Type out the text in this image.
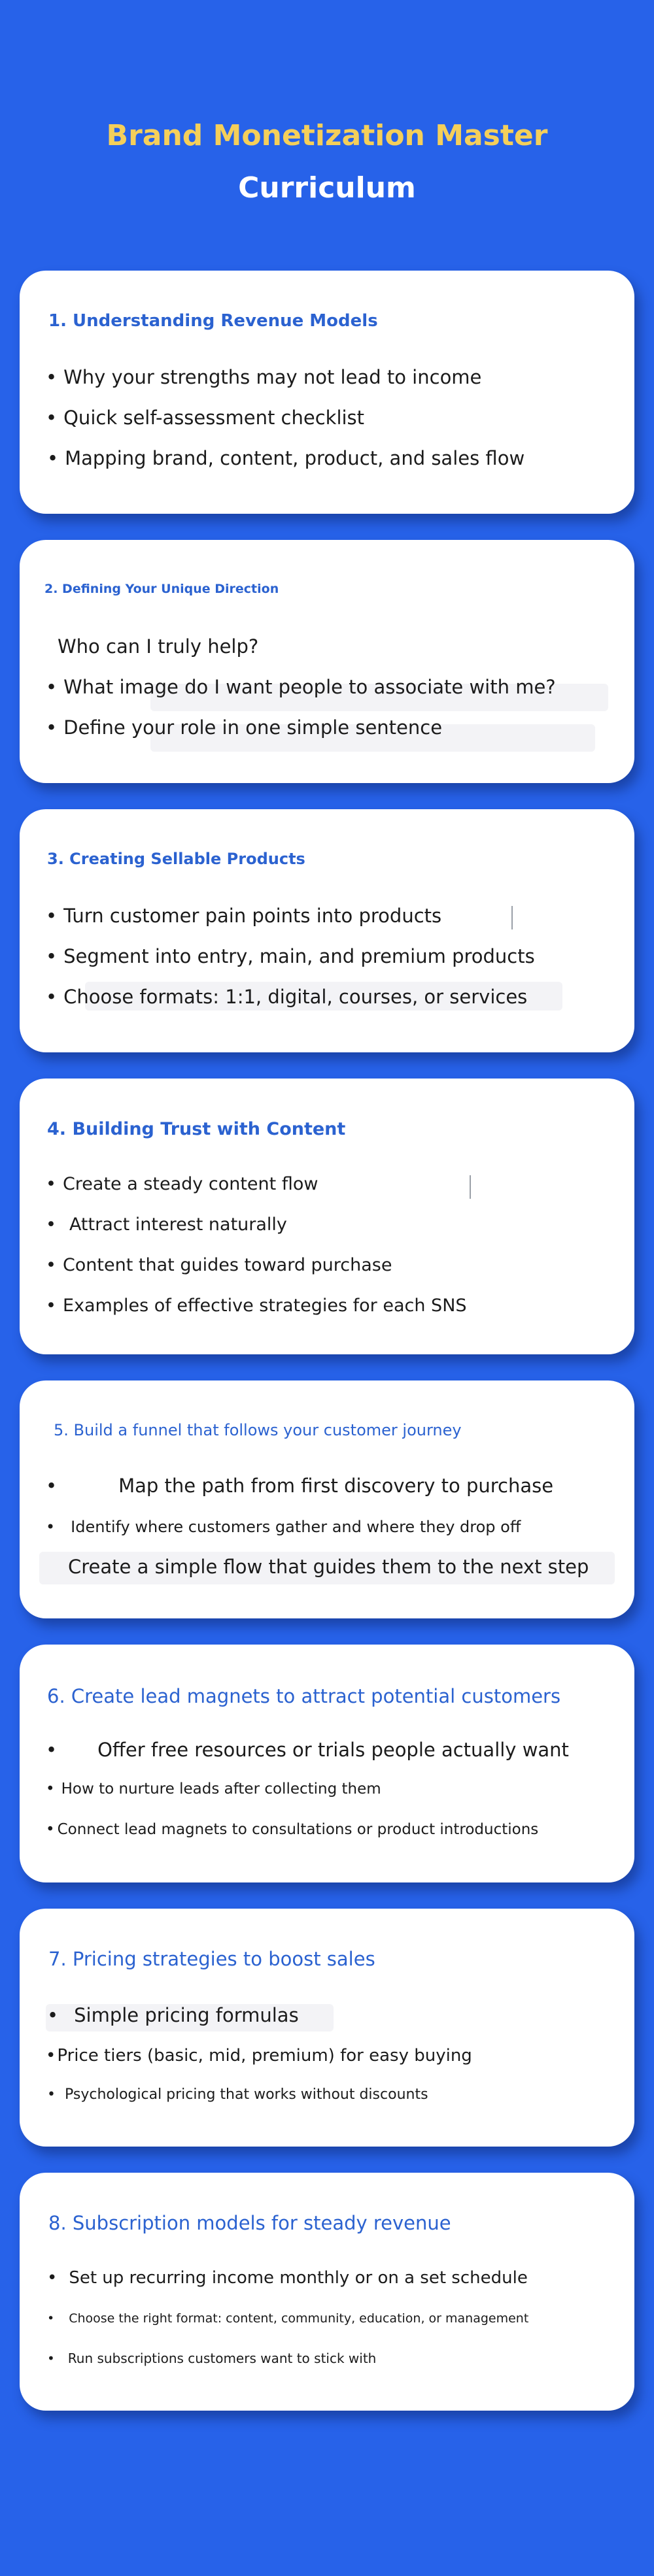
Brand Monetization Master
Curriculum
1. Understanding Revenue Models
• Why your strengths may not lead to income
• Quick self-assessment checklist
• Mapping brand, content, product, and sales flow
2. Defining Your Unique Direction
Who can I truly help?
• What image do I want people to associate with me?
• Define your role in one simple sentence
3. Creating Sellable Products
• Turn customer pain points into products
• Segment into entry, main, and premium products
• Choose formats: 1:1, digital, courses, or services
4. Building Trust with Content
• Create a steady content flow
• Attract interest naturally
• Content that guides toward purchase
• Examples of effective strategies for each SNS
5. Build a funnel that follows your customer journey
•	Map the path from first discovery to purchase
• Identify where customers gather and where they drop off
Create a simple flow that guides them to the next step
6. Create lead magnets to attract potential customers
• Offer free resources or trials people actually want
• How to nurture leads after collecting them
• Connect lead magnets to consultations or product introductions
7. Pricing strategies to boost sales
• Simple pricing formulas
• Price tiers (basic, mid, premium) for easy buying
• Psychological pricing that works without discounts
8. Subscription models for steady revenue
• Set up recurring income monthly or on a set schedule
• Choose the right format: content, community, education, or management
• Run subscriptions customers want to stick with
